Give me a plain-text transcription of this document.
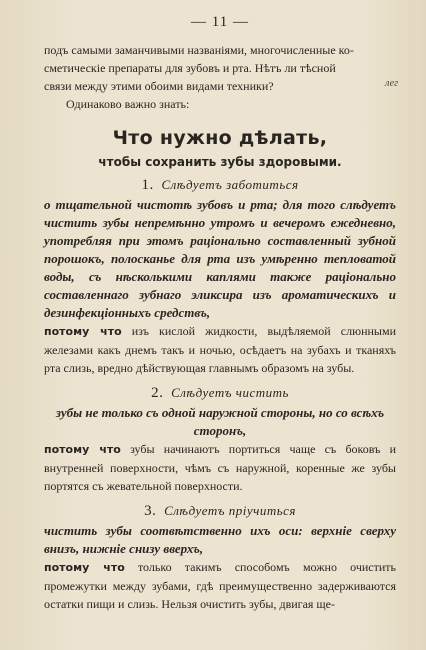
— 11 —
лег

подъ самыми заманчивыми названіями, многочисленные ко-

сметическіе препараты для зубовъ и рта. Нѣтъ ли тѣсной

связи между этими обоими видами техники?

Одинаково важно знать:

Что нужно дѣлать,
чтобы сохранить зубы здоровыми.
1. Слѣдуетъ заботиться

о тщательной чистотѣ зубовъ и рта; для того слѣдуетъ чистить зубы непремѣнно утромъ и вечеромъ ежедневно, употребляя при этомъ раціонально составленный зубной порошокъ, полосканье для рта изъ умѣренно тепловатой воды, съ нѣсколькими каплями также раціонально составленнаго зубнаго эликсира изъ ароматическихъ и дезинфекціонныхъ средствъ,

потому что изъ кислой жидкости, выдѣляемой слюнными железами какъ днемъ такъ и ночью, осѣдаетъ на зубахъ и тканяхъ рта слизь, вредно дѣйствующая главнымъ образомъ на зубы.

2. Слѣдуетъ чистить

зубы не только съ одной наружной стороны, но со всѣхъ сторонъ,

потому что зубы начинаютъ портиться чаще съ боковъ и внутренней поверхности, чѣмъ съ наружной, коренные же зубы портятся съ жевательной поверхности.

3. Слѣдуетъ пріучиться

чистить зубы соотвѣтственно ихъ оси: верхніе сверху внизъ, нижніе снизу вверхъ,

потому что только такимъ способомъ можно очистить промежутки между зубами, гдѣ преимущественно задерживаются остатки пищи и слизь. Нельзя очистить зубы, двигая ще-
